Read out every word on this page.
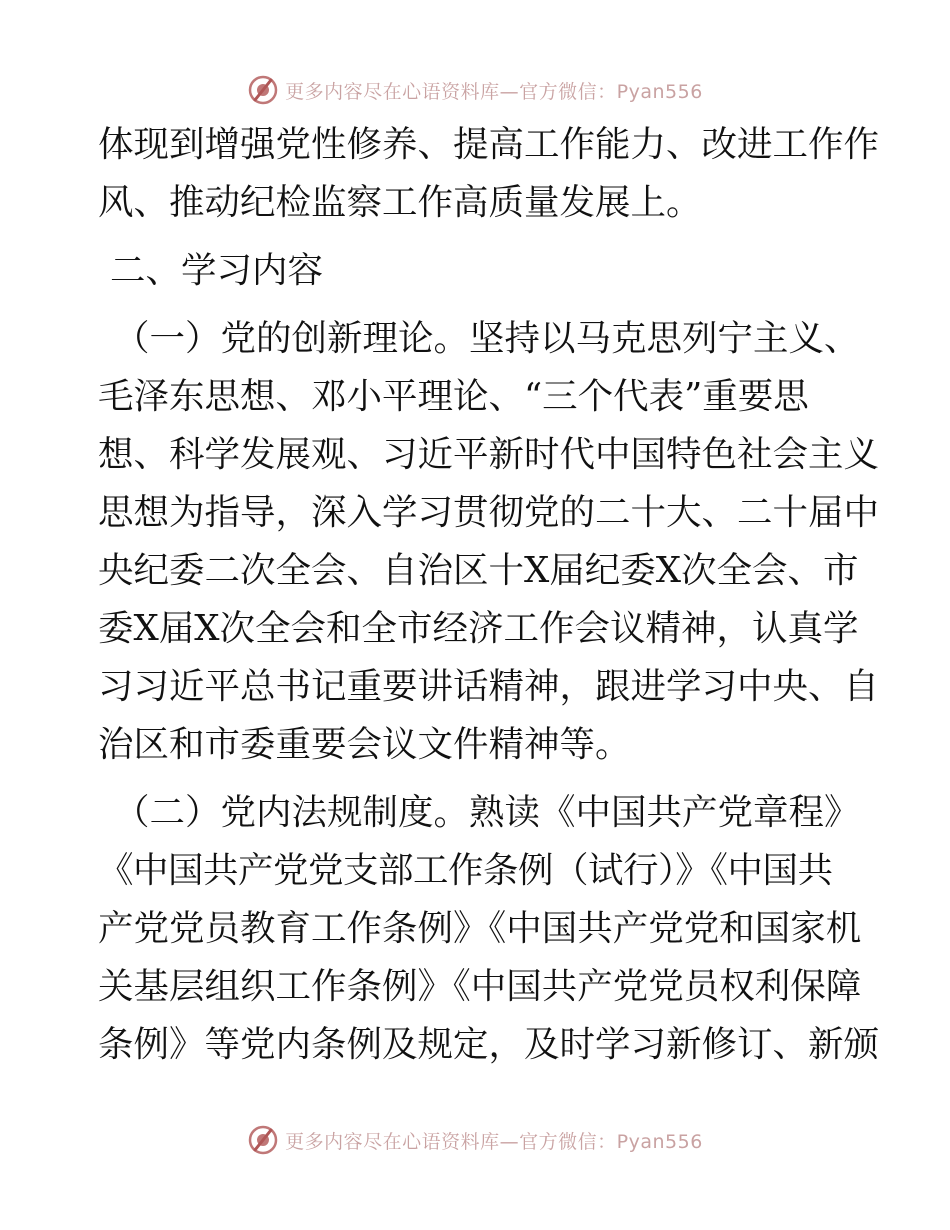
更多内容尽在心语资料库—官方微信：Pyan556
体现到增强党性修养、提高工作能力、改进工作作
风、推动纪检监察工作高质量发展上。
二、学习内容
（一）党的创新理论。坚持以马克思列宁主义、
毛泽东思想、邓小平理论、“三个代表”重要思
想、科学发展观、习近平新时代中国特色社会主义
思想为指导，深入学习贯彻党的二十大、二十届中
央纪委二次全会、自治区十X届纪委X次全会、市
委X届X次全会和全市经济工作会议精神，认真学
习习近平总书记重要讲话精神，跟进学习中央、自
治区和市委重要会议文件精神等。
（二）党内法规制度。熟读《中国共产党章程》
《中国共产党党支部工作条例（试行）》《中国共
产党党员教育工作条例》《中国共产党党和国家机
关基层组织工作条例》《中国共产党党员权利保障
条例》等党内条例及规定，及时学习新修订、新颁
更多内容尽在心语资料库—官方微信：Pyan556
